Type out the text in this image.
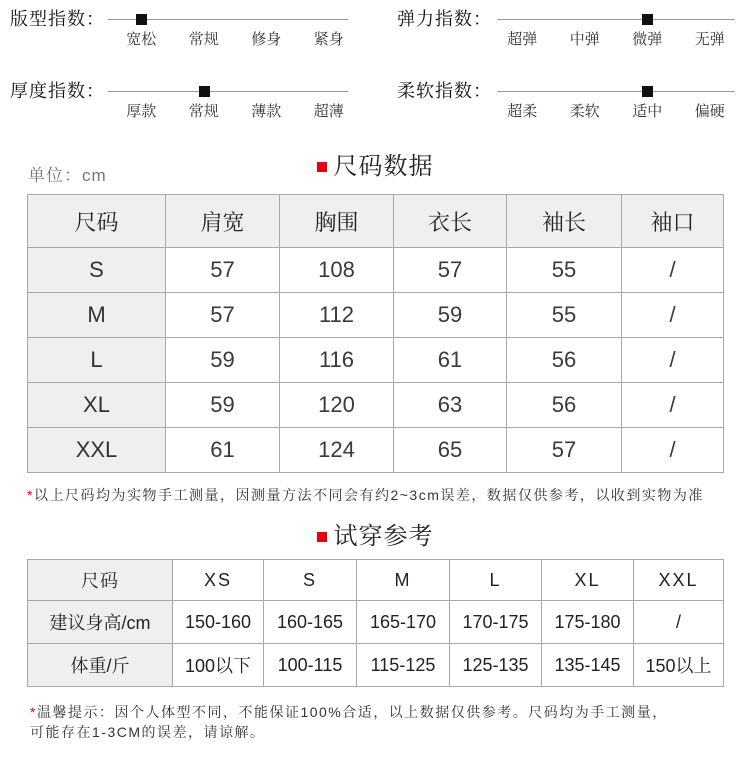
版型指数：
宽松	常规	修身	紧身
弹力指数：
超弹	中弹	微弹	无弹
厚度指数：
厚款	常规	薄款	超薄
柔软指数：
超柔	柔软	适中	偏硬
单位：cm	尺码数据
尺码	肩宽	胸围	衣长	袖长	袖口
S	57	108	57	55	/
M	57	112	59	55	/
L	59	116	61	56	/
XL	59	120	63	56	/
XXL	61	124	65	57	/
*以上尺码均为实物手工测量，因测量方法不同会有约2~3cm误差，数据仅供参考，以收到实物为准
试穿参考
尺码	XS	S	M	L	XL	XXL
建议身高/cm	150-160	160-165	165-170	170-175	175-180	/
体重/斤	100以下	100-115	115-125	125-135	135-145	150以上
*温馨提示：因个人体型不同，不能保证100%合适，以上数据仅供参考。尺码均为手工测量，
可能存在1-3CM的误差，请谅解。
